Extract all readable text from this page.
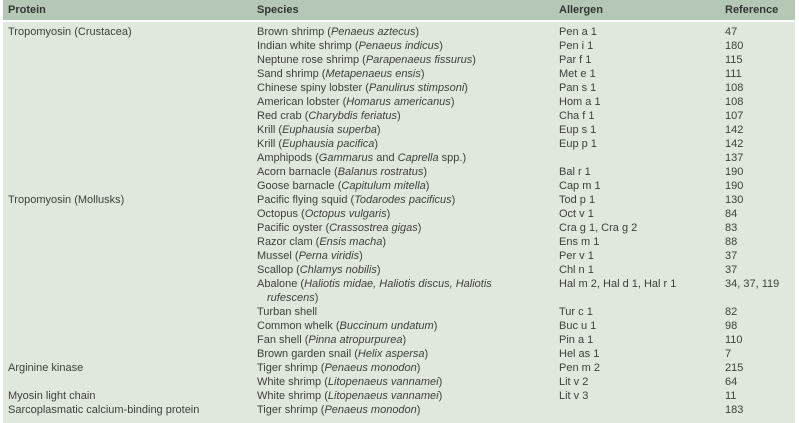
Protein	Species	Allergen	Reference
Tropomyosin (Crustacea)	Brown shrimp (Penaeus aztecus)	Pen a 1	47
	Indian white shrimp (Penaeus indicus)	Pen i 1	180
	Neptune rose shrimp (Parapenaeus fissurus)	Par f 1	115
	Sand shrimp (Metapenaeus ensis)	Met e 1	111
	Chinese spiny lobster (Panulirus stimpsoni)	Pan s 1	108
	American lobster (Homarus americanus)	Hom a 1	108
	Red crab (Charybdis feriatus)	Cha f 1	107
	Krill (Euphausia superba)	Eup s 1	142
	Krill (Euphausia pacifica)	Eup p 1	142
	Amphipods (Gammarus and Caprella spp.)		137
	Acorn barnacle (Balanus rostratus)	Bal r 1	190
	Goose barnacle (Capitulum mitella)	Cap m 1	190
Tropomyosin (Mollusks)	Pacific flying squid (Todarodes pacificus)	Tod p 1	130
	Octopus (Octopus vulgaris)	Oct v 1	84
	Pacific oyster (Crassostrea gigas)	Cra g 1, Cra g 2	83
	Razor clam (Ensis macha)	Ens m 1	88
	Mussel (Perna viridis)	Per v 1	37
	Scallop (Chlamys nobilis)	Chl n 1	37
	Abalone (Haliotis midae, Haliotis discus, Haliotis
rufescens)	Hal m 2, Hal d 1, Hal r 1	34, 37, 119
	Turban shell	Tur c 1	82
	Common whelk (Buccinum undatum)	Buc u 1	98
	Fan shell (Pinna atropurpurea)	Pin a 1	110
	Brown garden snail (Helix aspersa)	Hel as 1	7
Arginine kinase	Tiger shrimp (Penaeus monodon)	Pen m 2	215
	White shrimp (Litopenaeus vannamei)	Lit v 2	64
Myosin light chain	White shrimp (Litopenaeus vannamei)	Lit v 3	11
Sarcoplasmatic calcium-binding protein	Tiger shrimp (Penaeus monodon)		183
